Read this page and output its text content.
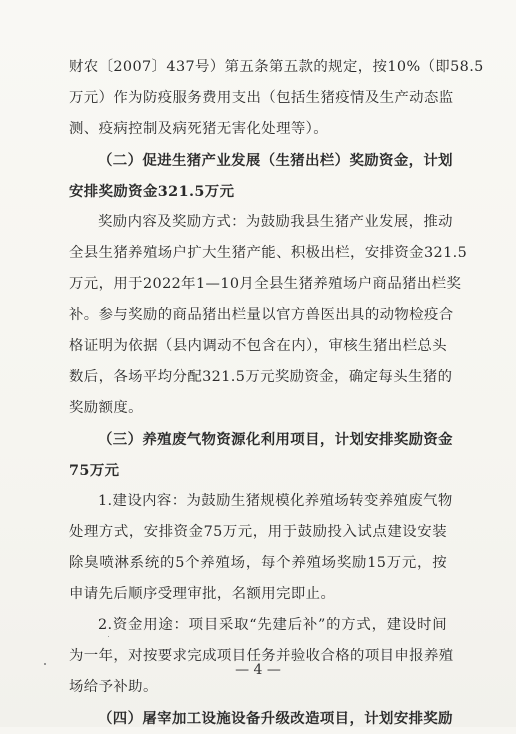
财农〔2007〕437号）第五条第五款的规定，按10%（即58.5
万元）作为防疫服务费用支出（包括生猪疫情及生产动态监
测、疫病控制及病死猪无害化处理等）。

（二）促进生猪产业发展（生猪出栏）奖励资金，计划
安排奖励资金321.5万元

奖励内容及奖励方式：为鼓励我县生猪产业发展，推动
全县生猪养殖场户扩大生猪产能、积极出栏，安排资金321.5
万元，用于2022年1—10月全县生猪养殖场户商品猪出栏奖
补。参与奖励的商品猪出栏量以官方兽医出具的动物检疫合
格证明为依据（县内调动不包含在内），审核生猪出栏总头
数后，各场平均分配321.5万元奖励资金，确定每头生猪的
奖励额度。

（三）养殖废气物资源化利用项目，计划安排奖励资金
75万元

1.建设内容：为鼓励生猪规模化养殖场转变养殖废气物
处理方式，安排资金75万元，用于鼓励投入试点建设安装
除臭喷淋系统的5个养殖场，每个养殖场奖励15万元，按
申请先后顺序受理审批，名额用完即止。

2.资金用途：项目采取“先建后补”的方式，建设时间
为一年，对按要求完成项目任务并验收合格的项目申报养殖
场给予补助。

（四）屠宰加工设施设备升级改造项目，计划安排奖励

— 4 —
